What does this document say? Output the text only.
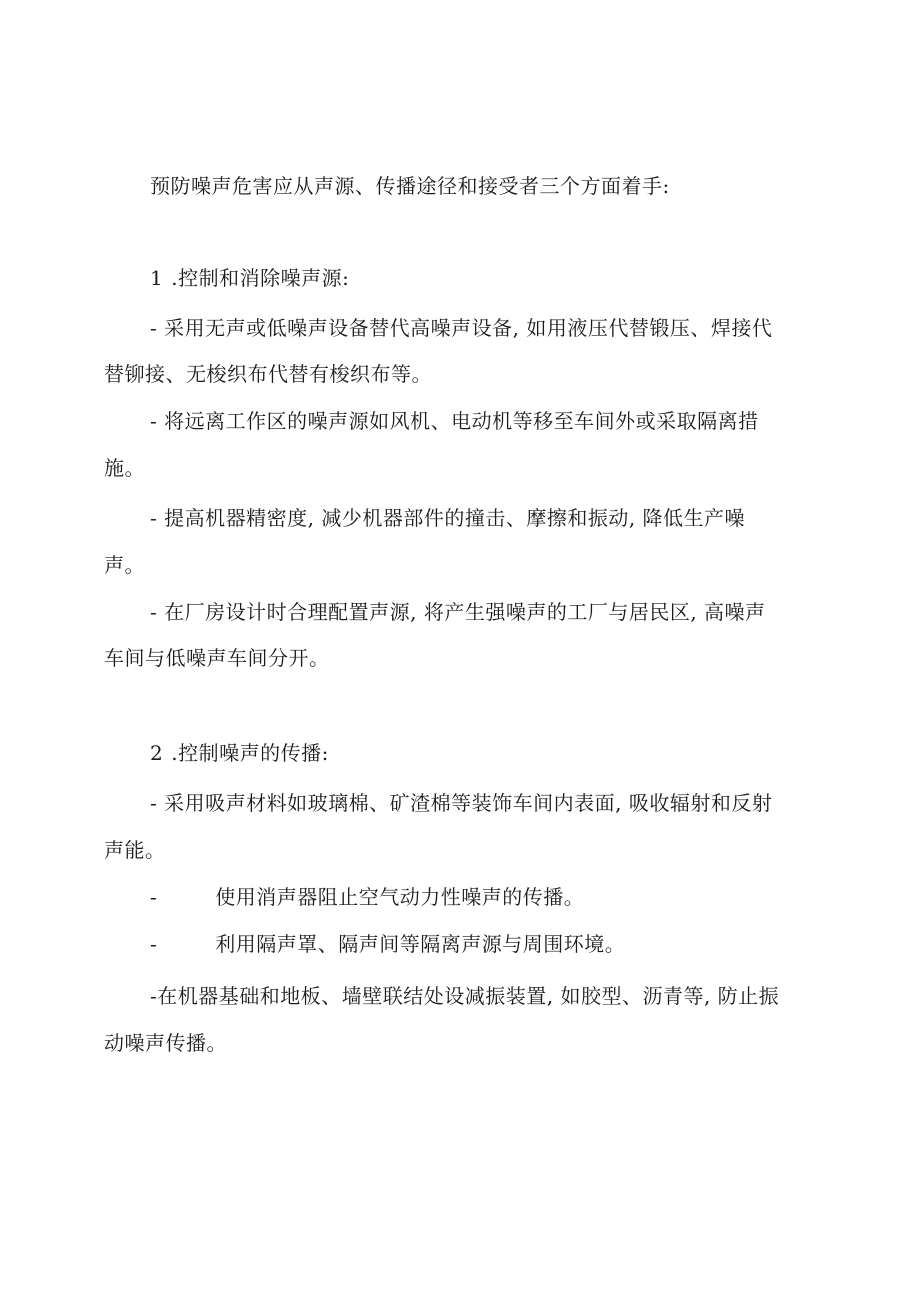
预防噪声危害应从声源、传播途径和接受者三个方面着手:
1 .控制和消除噪声源:
- 采用无声或低噪声设备替代高噪声设备, 如用液压代替锻压、焊接代
替铆接、无梭织布代替有梭织布等。
- 将远离工作区的噪声源如风机、电动机等移至车间外或采取隔离措
施。
- 提高机器精密度, 减少机器部件的撞击、摩擦和振动, 降低生产噪
声。
- 在厂房设计时合理配置声源, 将产生强噪声的工厂与居民区, 高噪声
车间与低噪声车间分开。
2 .控制噪声的传播:
- 采用吸声材料如玻璃棉、矿渣棉等装饰车间内表面, 吸收辐射和反射
声能。
-	使用消声器阻止空气动力性噪声的传播。
-	利用隔声罩、隔声间等隔离声源与周围环境。
-在机器基础和地板、墙壁联结处设减振装置, 如胶型、沥青等, 防止振
动噪声传播。
